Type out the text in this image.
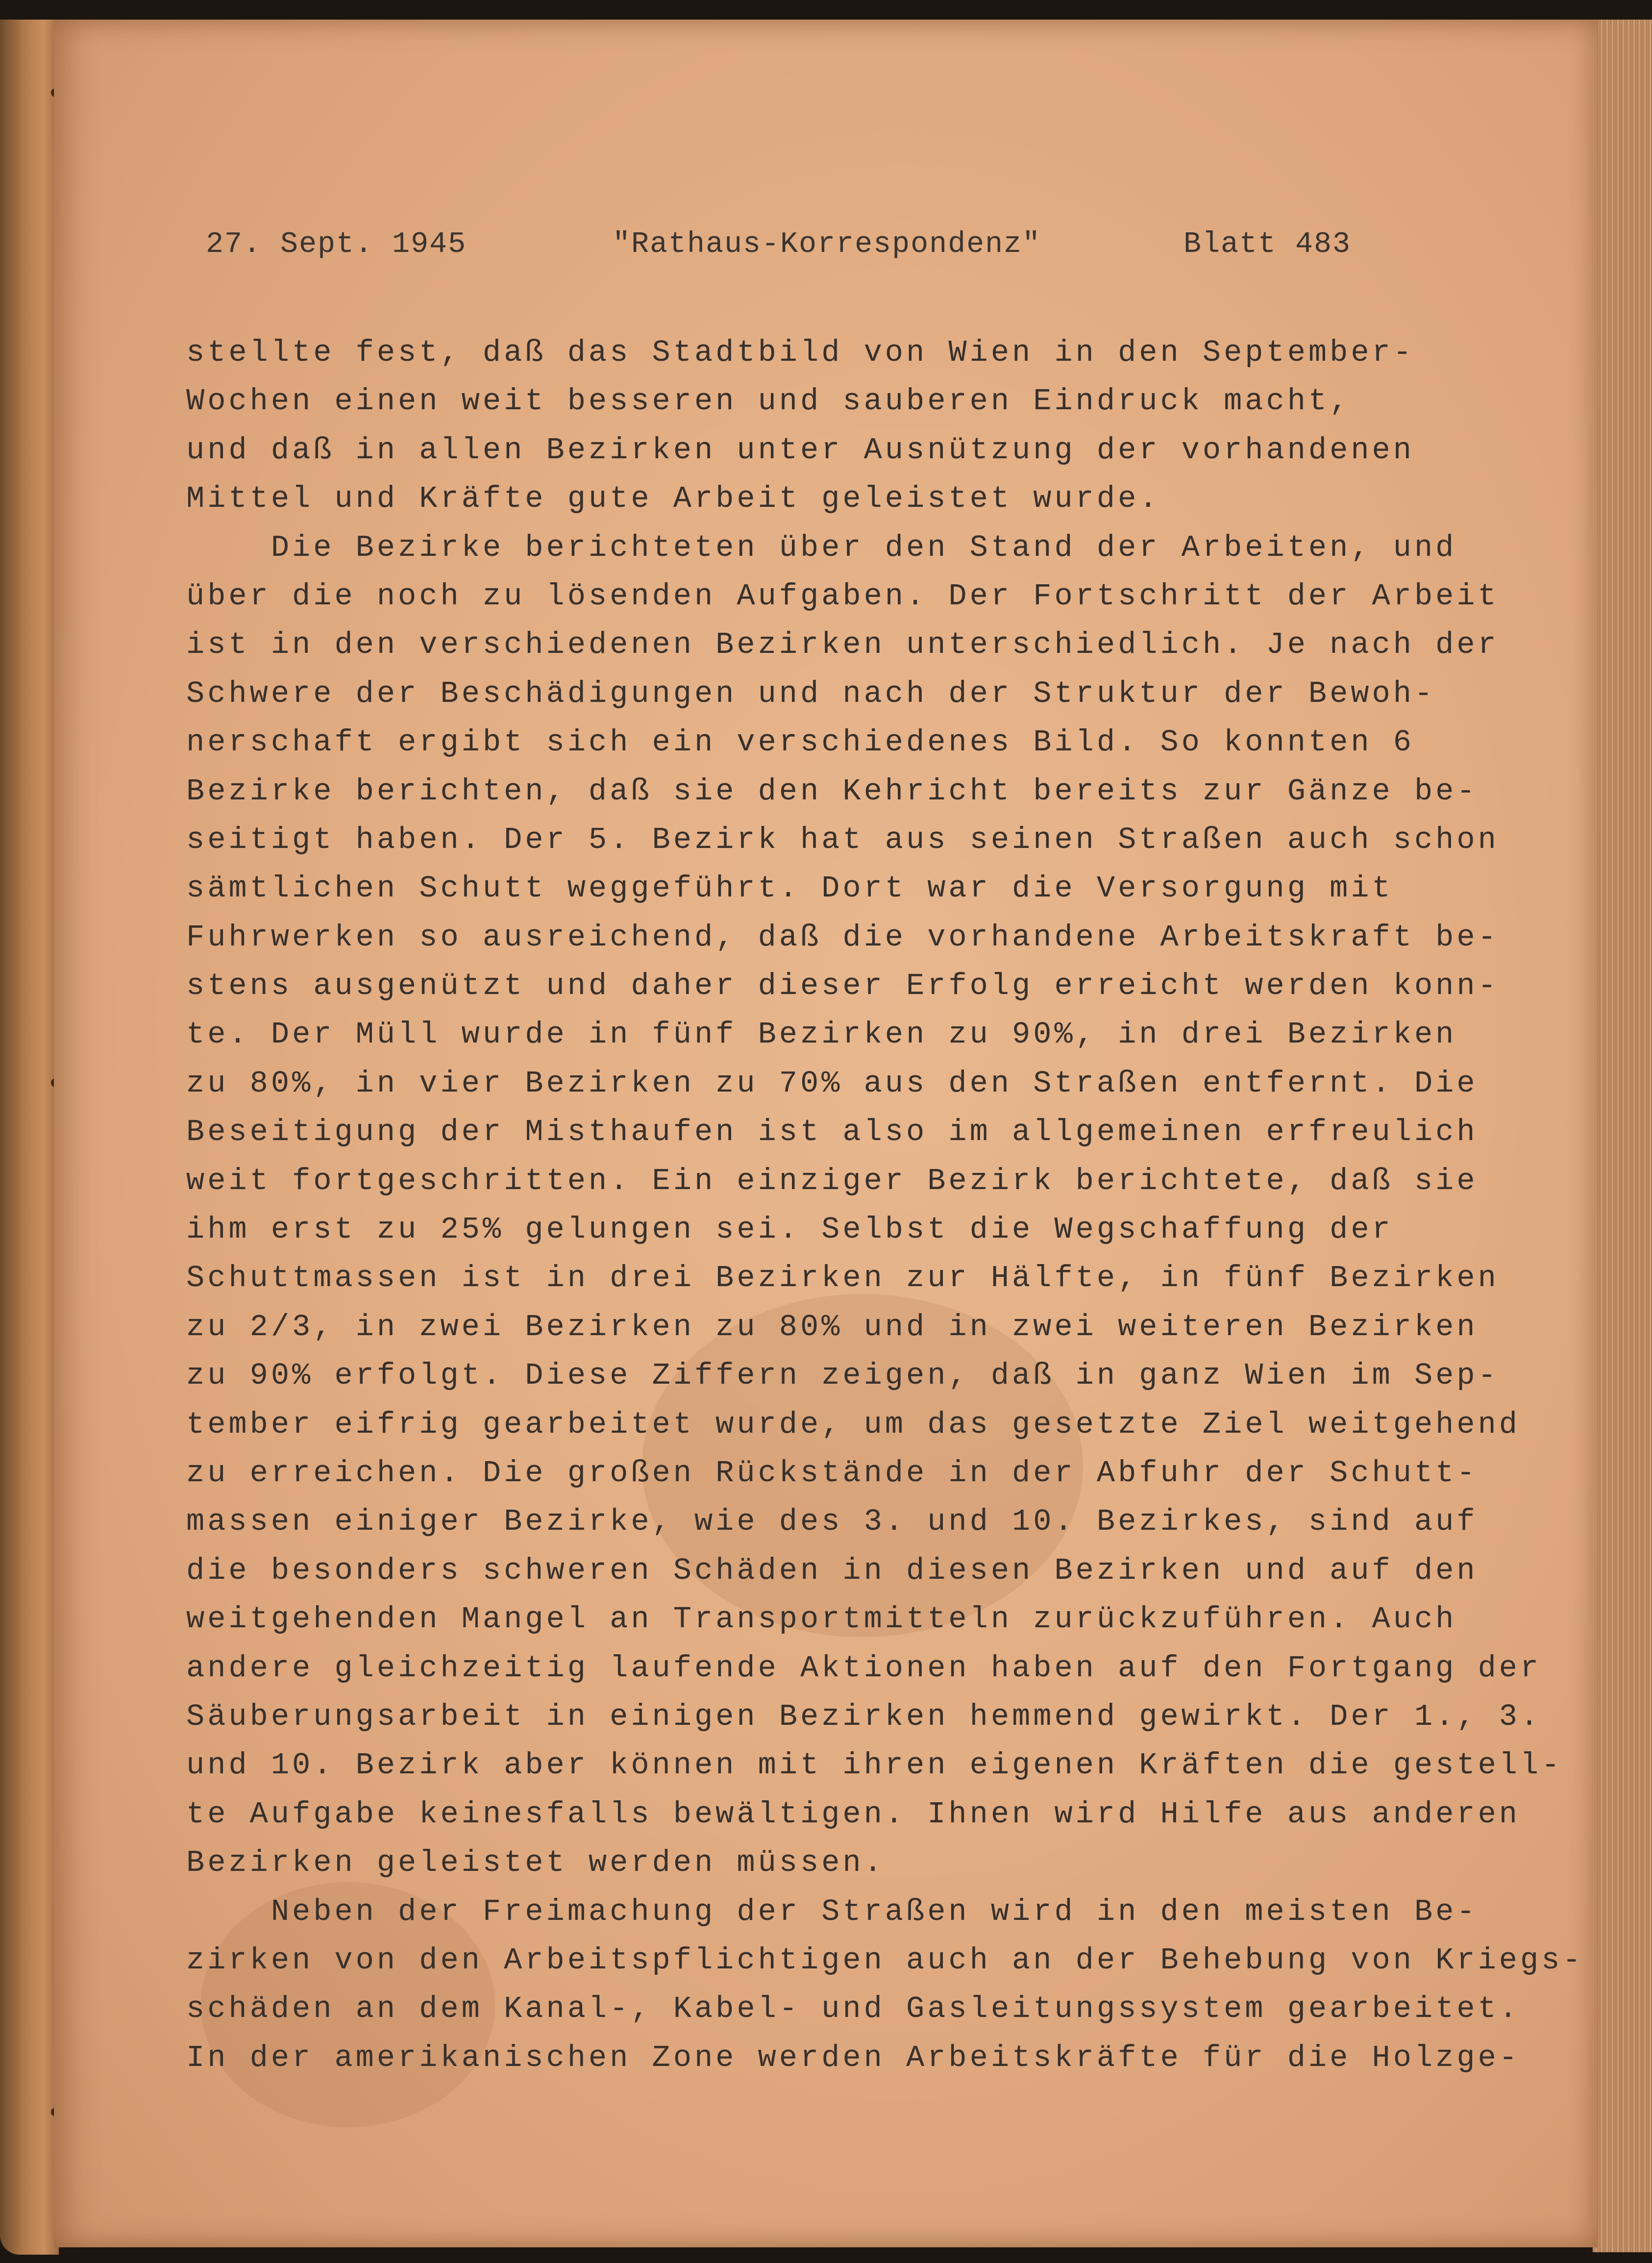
27. Sept. 1945	"Rathaus-Korrespondenz"	Blatt 483
stellte fest, daß das Stadtbild von Wien in den September-
Wochen einen weit besseren und sauberen Eindruck macht,
und daß in allen Bezirken unter Ausnützung der vorhandenen
Mittel und Kräfte gute Arbeit geleistet wurde.
Die Bezirke berichteten über den Stand der Arbeiten, und
über die noch zu lösenden Aufgaben. Der Fortschritt der Arbeit
ist in den verschiedenen Bezirken unterschiedlich. Je nach der
Schwere der Beschädigungen und nach der Struktur der Bewoh-
nerschaft ergibt sich ein verschiedenes Bild. So konnten 6
Bezirke berichten, daß sie den Kehricht bereits zur Gänze be-
seitigt haben. Der 5. Bezirk hat aus seinen Straßen auch schon
sämtlichen Schutt weggeführt. Dort war die Versorgung mit
Fuhrwerken so ausreichend, daß die vorhandene Arbeitskraft be-
stens ausgenützt und daher dieser Erfolg erreicht werden konn-
te. Der Müll wurde in fünf Bezirken zu 90%, in drei Bezirken
zu 80%, in vier Bezirken zu 70% aus den Straßen entfernt. Die
Beseitigung der Misthaufen ist also im allgemeinen erfreulich
weit fortgeschritten. Ein einziger Bezirk berichtete, daß sie
ihm erst zu 25% gelungen sei. Selbst die Wegschaffung der
Schuttmassen ist in drei Bezirken zur Hälfte, in fünf Bezirken
zu 2/3, in zwei Bezirken zu 80% und in zwei weiteren Bezirken
zu 90% erfolgt. Diese Ziffern zeigen, daß in ganz Wien im Sep-
tember eifrig gearbeitet wurde, um das gesetzte Ziel weitgehend
zu erreichen. Die großen Rückstände in der Abfuhr der Schutt-
massen einiger Bezirke, wie des 3. und 10. Bezirkes, sind auf
die besonders schweren Schäden in diesen Bezirken und auf den
weitgehenden Mangel an Transportmitteln zurückzuführen. Auch
andere gleichzeitig laufende Aktionen haben auf den Fortgang der
Säuberungsarbeit in einigen Bezirken hemmend gewirkt. Der 1., 3.
und 10. Bezirk aber können mit ihren eigenen Kräften die gestell-
te Aufgabe keinesfalls bewältigen. Ihnen wird Hilfe aus anderen
Bezirken geleistet werden müssen.
Neben der Freimachung der Straßen wird in den meisten Be-
zirken von den Arbeitspflichtigen auch an der Behebung von Kriegs-
schäden an dem Kanal-, Kabel- und Gasleitungssystem gearbeitet.
In der amerikanischen Zone werden Arbeitskräfte für die Holzge-
